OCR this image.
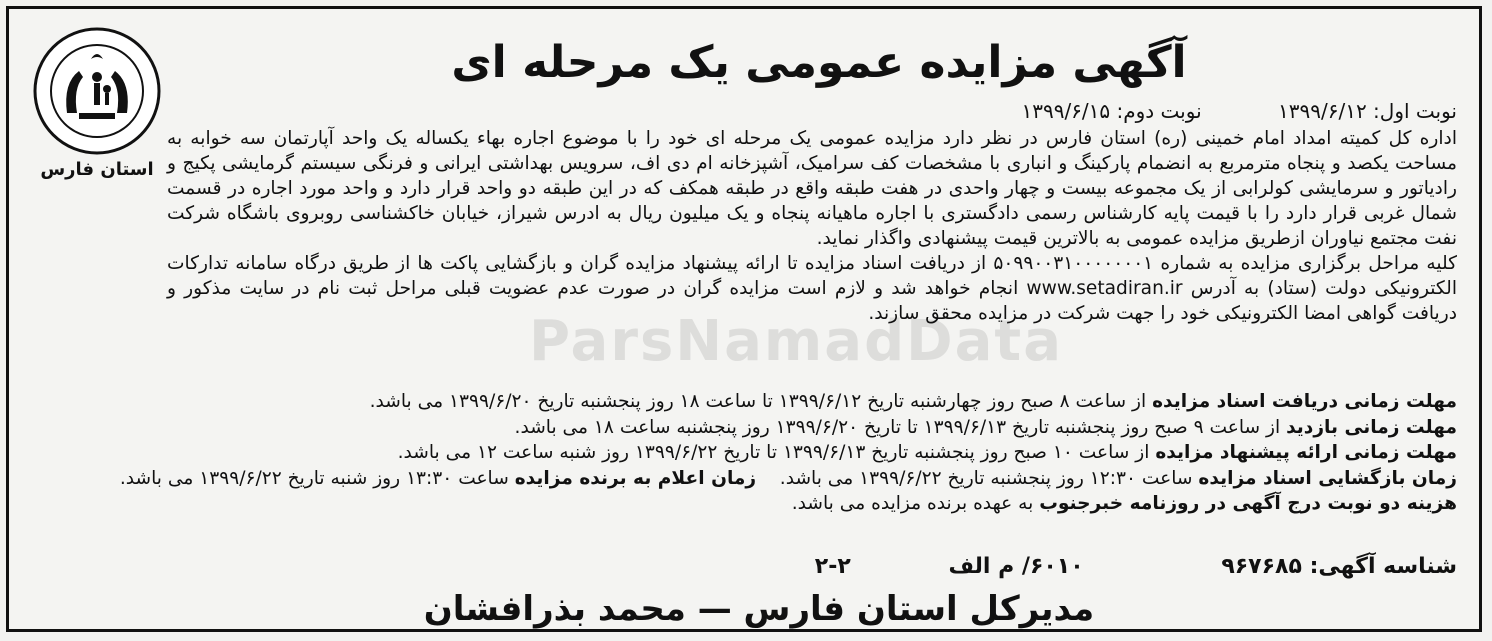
ParsNamadData
استان فارس
آگهی مزایده عمومی یک مرحله ای
نوبت اول: ۱۳۹۹/۶/۱۲ نوبت دوم: ۱۳۹۹/۶/۱۵

اداره کل کمیته امداد امام خمینی (ره) استان فارس در نظر دارد مزایده عمومی یک مرحله ای خود را با موضوع اجاره بهاء یکساله یک واحد آپارتمان سه خوابه به مساحت یکصد و پنجاه مترمربع به انضمام پارکینگ و انباری با مشخصات کف سرامیک، آشپزخانه ام دی اف، سرویس بهداشتی ایرانی و فرنگی سیستم گرمایشی پکیج و رادیاتور و سرمایشی کولرابی از یک مجموعه بیست و چهار واحدی در هفت طبقه واقع در طبقه همکف که در این طبقه دو واحد قرار دارد و واحد مورد اجاره در قسمت شمال غربی قرار دارد را با قیمت پایه کارشناس رسمی دادگستری با اجاره ماهیانه پنجاه و یک میلیون ریال به ادرس شیراز، خیابان خاکشناسی روبروی باشگاه شرکت نفت مجتمع نیاوران ازطریق مزایده عمومی به بالاترین قیمت پیشنهادی واگذار نماید.

کلیه مراحل برگزاری مزایده به شماره ۵۰۹۹۰۰۳۱۰۰۰۰۰۰۰۱ از دریافت اسناد مزایده تا ارائه پیشنهاد مزایده گران و بازگشایی پاکت ها از طریق درگاه سامانه تدارکات الکترونیکی دولت (ستاد) به آدرس www.setadiran.ir انجام خواهد شد و لازم است مزایده گران در صورت عدم عضویت قبلی مراحل ثبت نام در سایت مذکور و دریافت گواهی امضا الکترونیکی خود را جهت شرکت در مزایده محقق سازند.

مهلت زمانی دریافت اسناد مزایده از ساعت ۸ صبح روز چهارشنبه تاریخ ۱۳۹۹/۶/۱۲ تا ساعت ۱۸ روز پنجشنبه تاریخ ۱۳۹۹/۶/۲۰ می باشد.

مهلت زمانی بازدید از ساعت ۹ صبح روز پنجشنبه تاریخ ۱۳۹۹/۶/۱۳ تا تاریخ ۱۳۹۹/۶/۲۰ روز پنجشنبه ساعت ۱۸ می باشد.

مهلت زمانی ارائه پیشنهاد مزایده از ساعت ۱۰ صبح روز پنجشنبه تاریخ ۱۳۹۹/۶/۱۳ تا تاریخ ۱۳۹۹/۶/۲۲ روز شنبه ساعت ۱۲ می باشد.

زمان بازگشایی اسناد مزایده ساعت ۱۲:۳۰ روز پنجشنبه تاریخ ۱۳۹۹/۶/۲۲ می باشد.    زمان اعلام به برنده مزایده ساعت ۱۳:۳۰ روز شنبه تاریخ ۱۳۹۹/۶/۲۲ می باشد.

هزینه دو نوبت درج آگهی در روزنامه خبرجنوب به عهده برنده مزایده می باشد.

شناسه آگهی: ۹۶۷۶۸۵ ۶۰۱۰/ م الف ۲-۲
مدیرکل استان فارس — محمد بذرافشان
